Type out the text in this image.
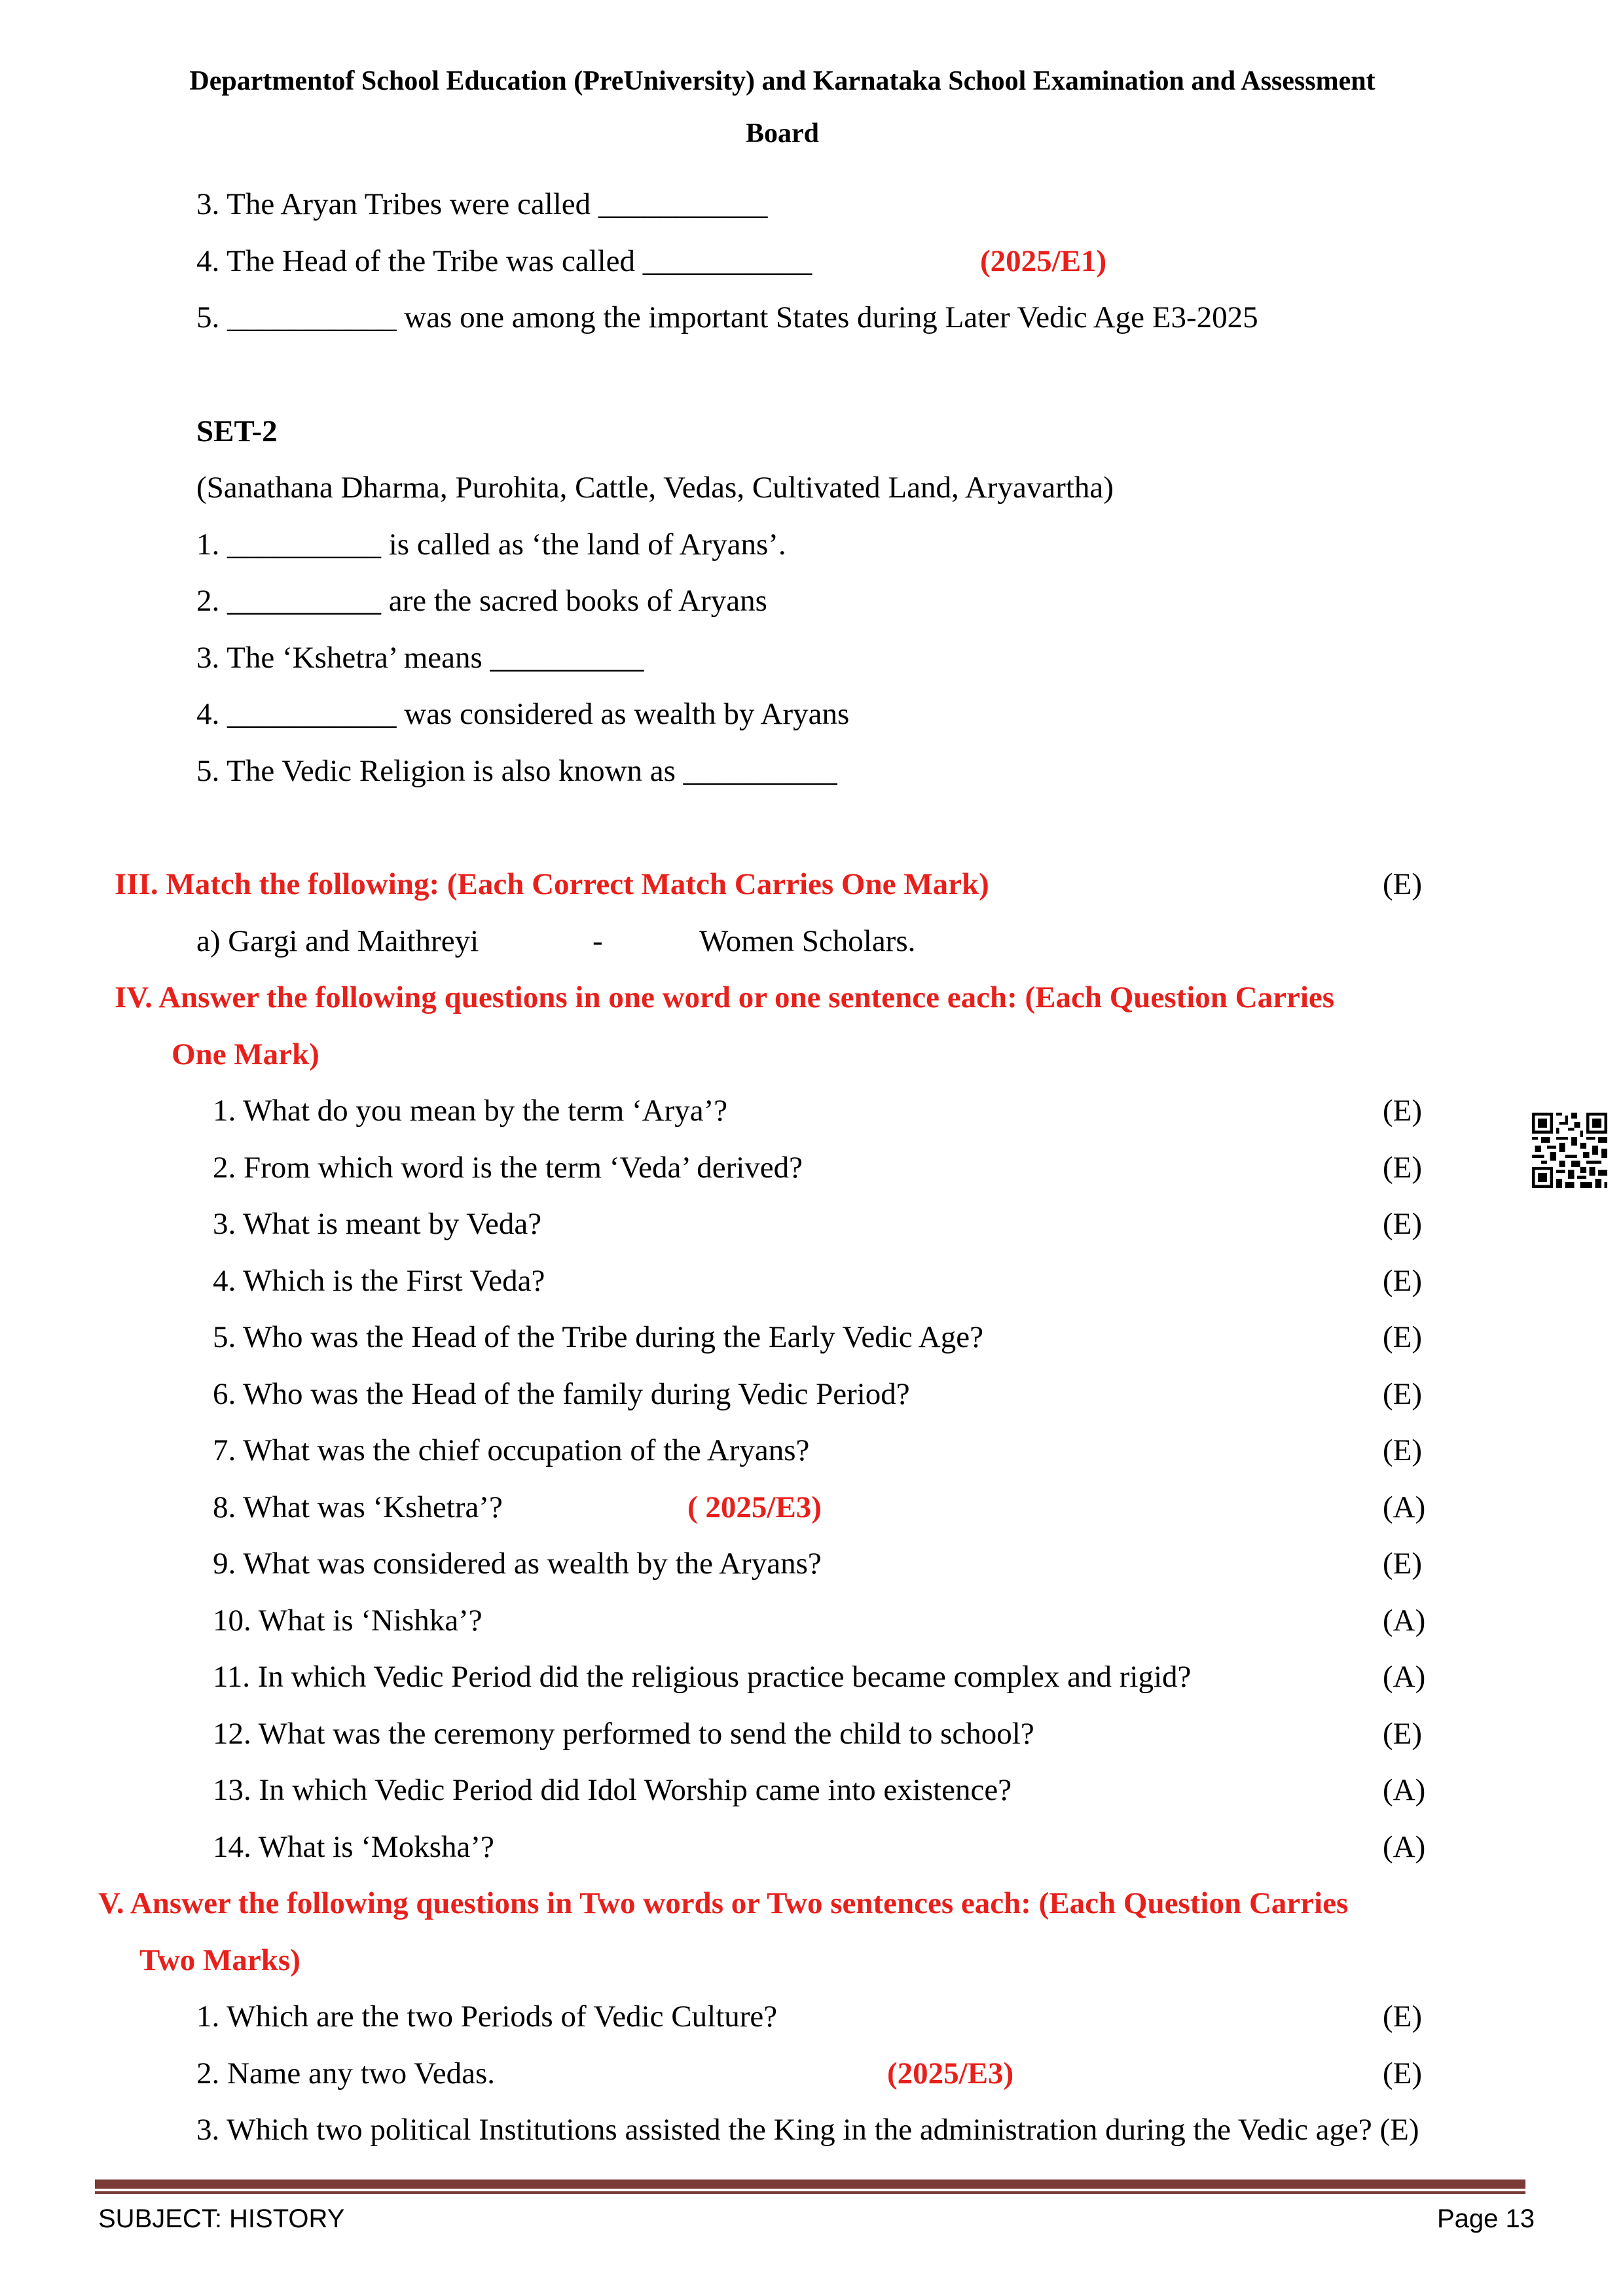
Departmentof School Education (PreUniversity) and Karnataka School Examination and Assessment
Board
3. The Aryan Tribes were called ___________
4. The Head of the Tribe was called ___________	(2025/E1)
5. ___________ was one among the important States during Later Vedic Age E3-2025
SET-2
(Sanathana Dharma, Purohita, Cattle, Vedas, Cultivated Land, Aryavartha)
1. __________ is called as ‘the land of Aryans’.
2. __________ are the sacred books of Aryans
3. The ‘Kshetra’ means __________
4. ___________ was considered as wealth by Aryans
5. The Vedic Religion is also known as __________
III. Match the following: (Each Correct Match Carries One Mark)	(E)
a) Gargi and Maithreyi	-	Women Scholars.
IV. Answer the following questions in one word or one sentence each: (Each Question Carries
One Mark)
1. What do you mean by the term ‘Arya’?	(E)
2. From which word is the term ‘Veda’ derived?	(E)
3. What is meant by Veda?	(E)
4. Which is the First Veda?	(E)
5. Who was the Head of the Tribe during the Early Vedic Age?	(E)
6. Who was the Head of the family during Vedic Period?	(E)
7. What was the chief occupation of the Aryans?	(E)
8. What was ‘Kshetra’?	( 2025/E3)	(A)
9. What was considered as wealth by the Aryans?	(E)
10. What is ‘Nishka’?	(A)
11. In which Vedic Period did the religious practice became complex and rigid?	(A)
12. What was the ceremony performed to send the child to school?	(E)
13. In which Vedic Period did Idol Worship came into existence?	(A)
14. What is ‘Moksha’?	(A)
V. Answer the following questions in Two words or Two sentences each: (Each Question Carries
Two Marks)
1. Which are the two Periods of Vedic Culture?	(E)
2. Name any two Vedas.	(2025/E3)	(E)
3. Which two political Institutions assisted the King in the administration during the Vedic age? (E)
SUBJECT: HISTORY	Page 13
